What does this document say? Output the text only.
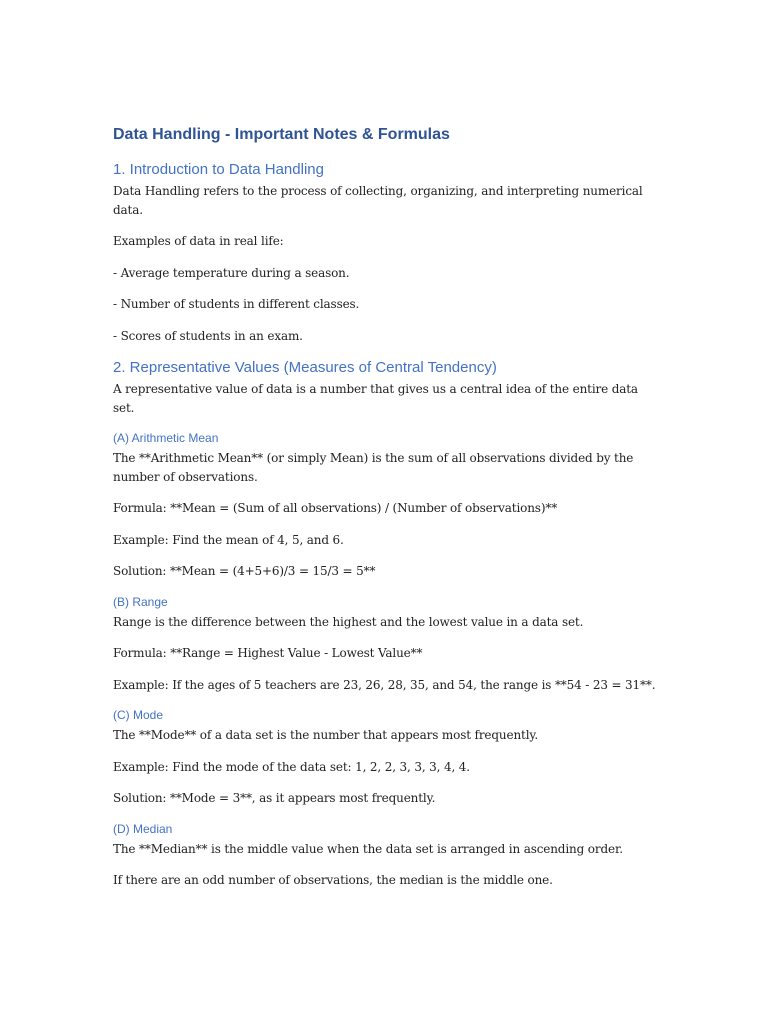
Data Handling - Important Notes & Formulas
1. Introduction to Data Handling
Data Handling refers to the process of collecting, organizing, and interpreting numerical data.
Examples of data in real life:
- Average temperature during a season.
- Number of students in different classes.
- Scores of students in an exam.
2. Representative Values (Measures of Central Tendency)
A representative value of data is a number that gives us a central idea of the entire data set.
(A) Arithmetic Mean
The **Arithmetic Mean** (or simply Mean) is the sum of all observations divided by the number of observations.
Formula: **Mean = (Sum of all observations) / (Number of observations)**
Example: Find the mean of 4, 5, and 6.
Solution: **Mean = (4+5+6)/3 = 15/3 = 5**
(B) Range
Range is the difference between the highest and the lowest value in a data set.
Formula: **Range = Highest Value - Lowest Value**
Example: If the ages of 5 teachers are 23, 26, 28, 35, and 54, the range is **54 - 23 = 31**.
(C) Mode
The **Mode** of a data set is the number that appears most frequently.
Example: Find the mode of the data set: 1, 2, 2, 3, 3, 3, 4, 4.
Solution: **Mode = 3**, as it appears most frequently.
(D) Median
The **Median** is the middle value when the data set is arranged in ascending order.
If there are an odd number of observations, the median is the middle one.
